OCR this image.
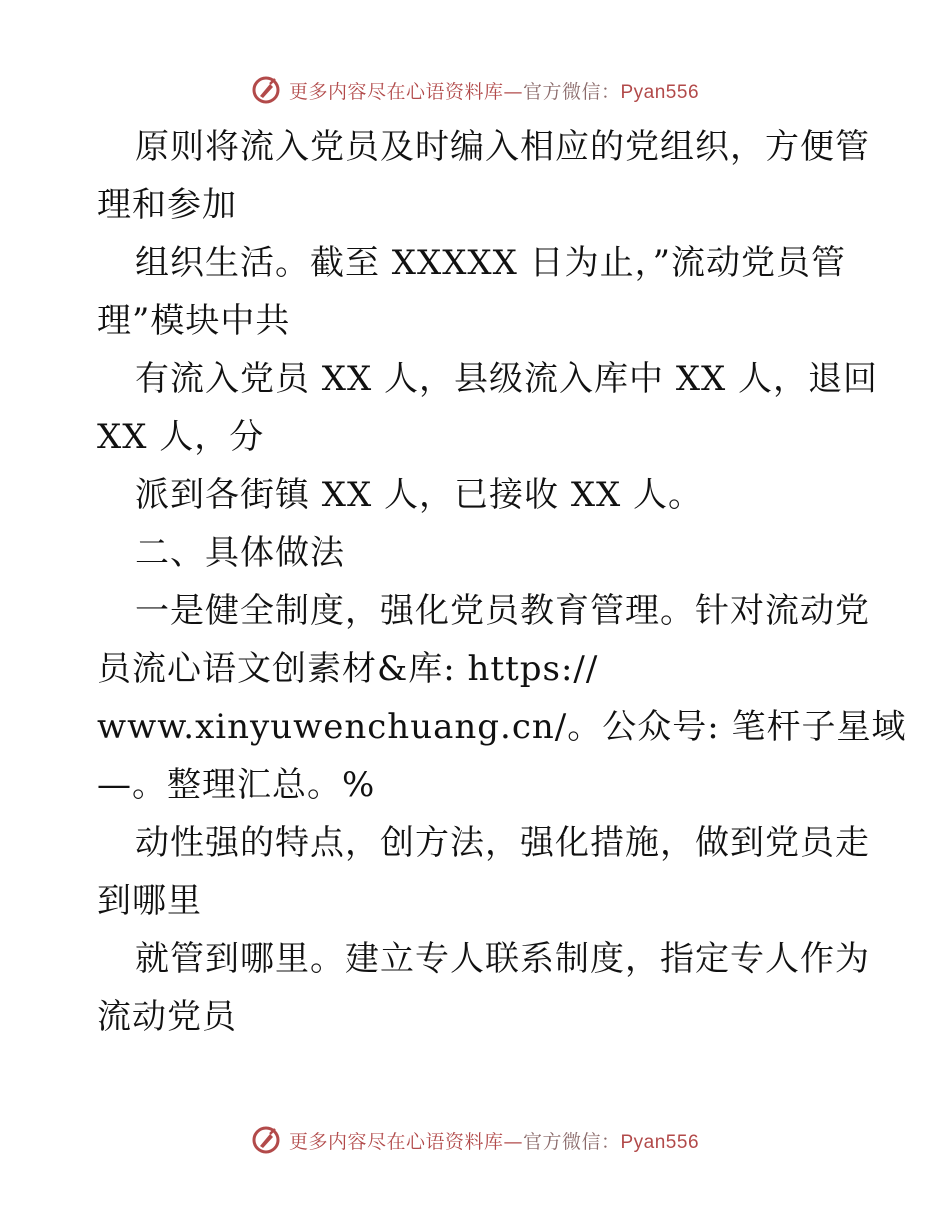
更多内容尽在心语资料库—官方微信：Pyan556
原则将流入党员及时编入相应的党组织，方便管
理和参加
组织生活。截至 XXXXX 日为止，”流动党员管
理”模块中共
有流入党员 XX 人，县级流入库中 XX 人，退回
XX 人，分
派到各街镇 XX 人，已接收 XX 人。
二、具体做法
一是健全制度，强化党员教育管理。针对流动党
员流心语文创素材&库: https://
www.xinyuwenchuang.cn/。公众号: 笔杆子星域
—。整理汇总。%
动性强的特点，创方法，强化措施，做到党员走
到哪里
就管到哪里。建立专人联系制度，指定专人作为
流动党员
更多内容尽在心语资料库—官方微信：Pyan556
